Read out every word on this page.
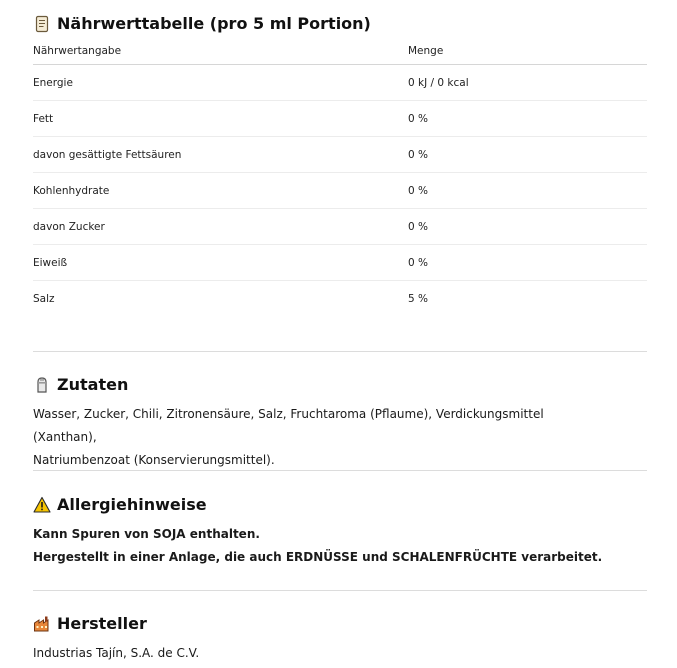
Nährwerttabelle (pro 5 ml Portion)
Nährwertangabe	Menge
Energie	0 kJ / 0 kcal
Fett	0 %
davon gesättigte Fettsäuren	0 %
Kohlenhydrate	0 %
davon Zucker	0 %
Eiweiß	0 %
Salz	5 %
Zutaten

Wasser, Zucker, Chili, Zitronensäure, Salz, Fruchtaroma (Pflaume), Verdickungsmittel (Xanthan),
Natriumbenzoat (Konservierungsmittel).

Allergiehinweise

Kann Spuren von SOJA enthalten.
Hergestellt in einer Anlage, die auch ERDNÜSSE und SCHALENFRÜCHTE verarbeitet.

Hersteller

Industrias Tajín, S.A. de C.V.
